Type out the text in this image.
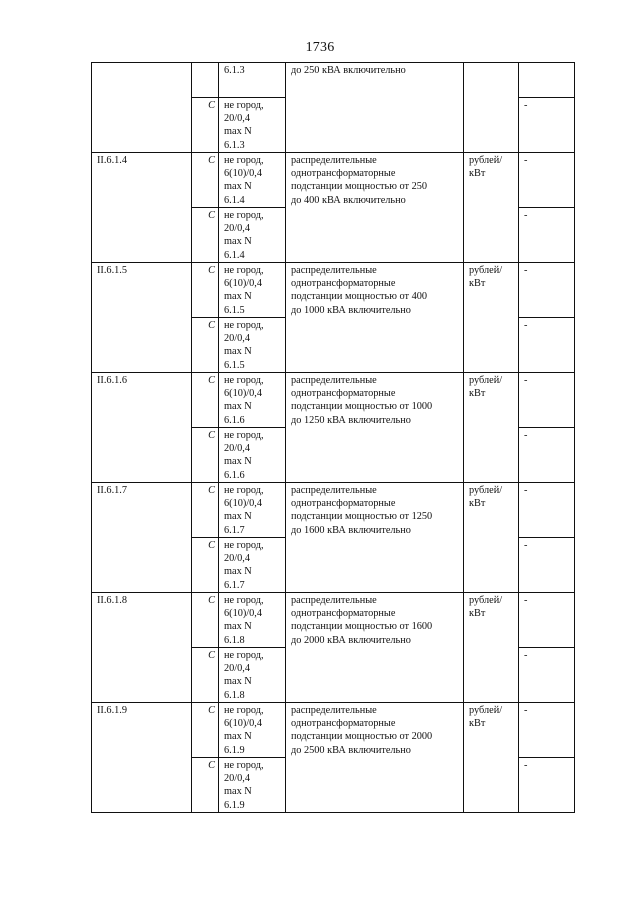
1736

		6.1.3	до 250 кВА включительно		

	C	не город,
20/0,4
max N
6.1.3			-
II.6.1.4	C	не город,
6(10)/0,4
max N
6.1.4	распределительные
однотрансформаторные
подстанции мощностью от 250
до 400 кВА включительно	рублей/
кВт	-
	C	не город,
20/0,4
max N
6.1.4			-
II.6.1.5	C	не город,
6(10)/0,4
max N
6.1.5	распределительные
однотрансформаторные
подстанции мощностью от 400
до 1000 кВА включительно	рублей/
кВт	-
	C	не город,
20/0,4
max N
6.1.5			-
II.6.1.6	C	не город,
6(10)/0,4
max N
6.1.6	распределительные
однотрансформаторные
подстанции мощностью от 1000
до 1250 кВА включительно	рублей/
кВт	-
	C	не город,
20/0,4
max N
6.1.6			-
II.6.1.7	C	не город,
6(10)/0,4
max N
6.1.7	распределительные
однотрансформаторные
подстанции мощностью от 1250
до 1600 кВА включительно	рублей/
кВт	-
	C	не город,
20/0,4
max N
6.1.7			-
II.6.1.8	C	не город,
6(10)/0,4
max N
6.1.8	распределительные
однотрансформаторные
подстанции мощностью от 1600
до 2000 кВА включительно	рублей/
кВт	-
	C	не город,
20/0,4
max N
6.1.8			-
II.6.1.9	C	не город,
6(10)/0,4
max N
6.1.9	распределительные
однотрансформаторные
подстанции мощностью от 2000
до 2500 кВА включительно	рублей/
кВт	-
	C	не город,
20/0,4
max N
6.1.9			-
